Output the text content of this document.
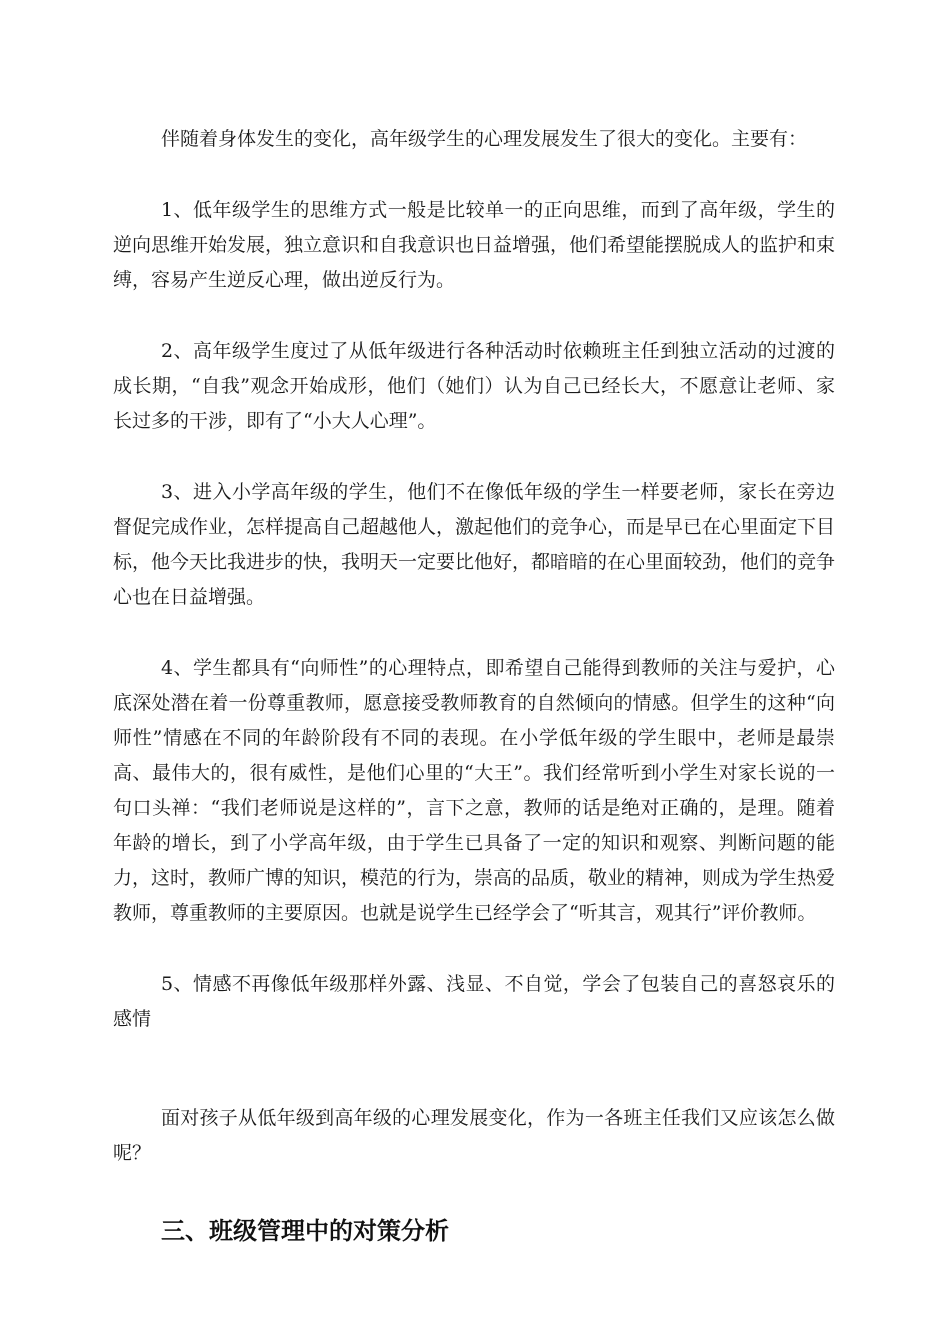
伴随着身体发生的变化，高年级学生的心理发展发生了很大的变化。主要有：

1、低年级学生的思维方式一般是比较单一的正向思维，而到了高年级，学生的逆向思维开始发展，独立意识和自我意识也日益增强，他们希望能摆脱成人的监护和束缚，容易产生逆反心理，做出逆反行为。

2、高年级学生度过了从低年级进行各种活动时依赖班主任到独立活动的过渡的成长期，“自我”观念开始成形，他们（她们）认为自己已经长大，不愿意让老师、家长过多的干涉，即有了“小大人心理”。

3、进入小学高年级的学生，他们不在像低年级的学生一样要老师，家长在旁边督促完成作业，怎样提高自己超越他人，激起他们的竞争心，而是早已在心里面定下目标，他今天比我进步的快，我明天一定要比他好，都暗暗的在心里面较劲，他们的竞争心也在日益增强。

4、学生都具有“向师性”的心理特点，即希望自己能得到教师的关注与爱护，心底深处潜在着一份尊重教师，愿意接受教师教育的自然倾向的情感。但学生的这种“向师性”情感在不同的年龄阶段有不同的表现。在小学低年级的学生眼中，老师是最崇高、最伟大的，很有威性，是他们心里的“大王”。我们经常听到小学生对家长说的一句口头禅：“我们老师说是这样的”，言下之意，教师的话是绝对正确的，是理。随着年龄的增长，到了小学高年级，由于学生已具备了一定的知识和观察、判断问题的能力，这时，教师广博的知识，模范的行为，崇高的品质，敬业的精神，则成为学生热爱教师，尊重教师的主要原因。也就是说学生已经学会了“听其言，观其行”评价教师。

5、情感不再像低年级那样外露、浅显、不自觉，学会了包装自己的喜怒哀乐的感情

面对孩子从低年级到高年级的心理发展变化，作为一各班主任我们又应该怎么做呢？

三、班级管理中的对策分析
